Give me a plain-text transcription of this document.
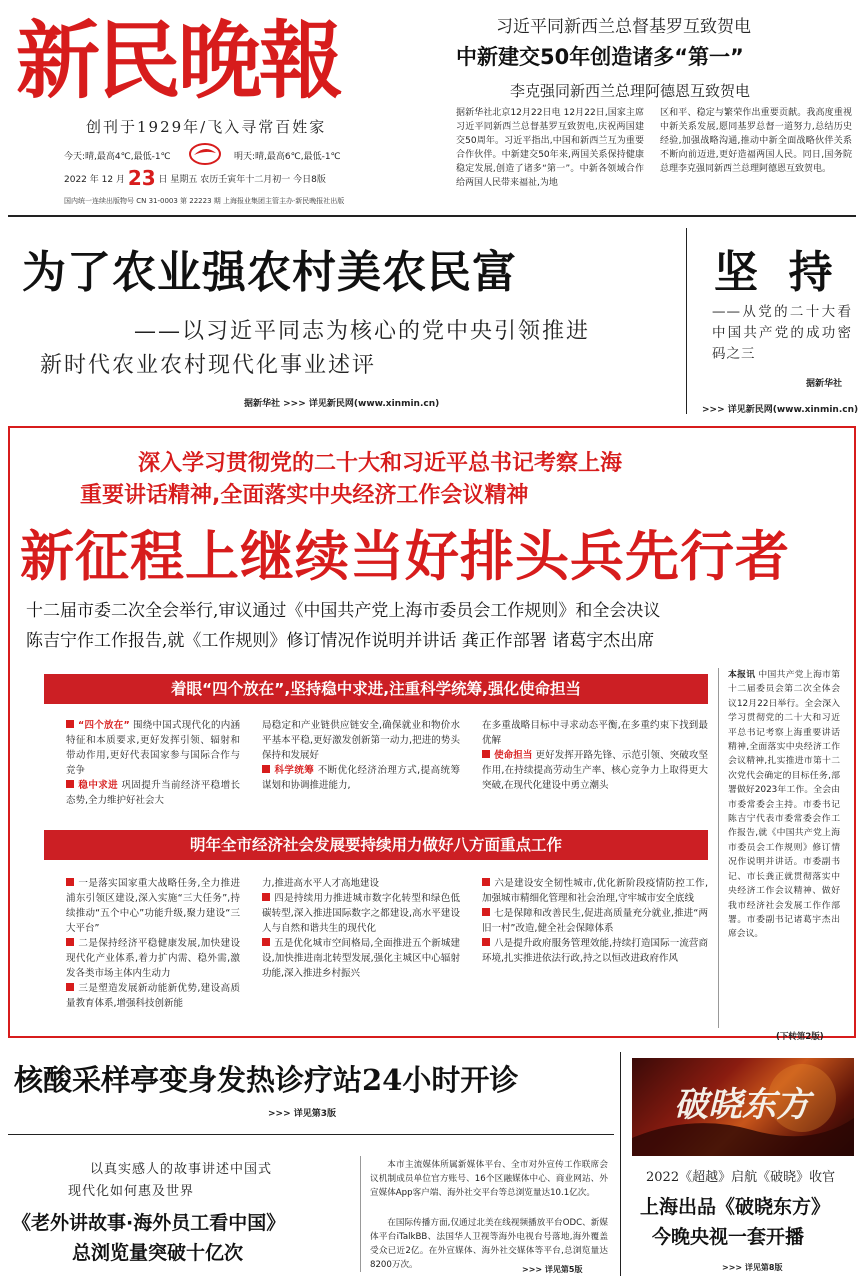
新民晚報
创刊于1929年/飞入寻常百姓家
今天:晴,最高4℃,最低-1℃	明天:晴,最高6℃,最低-1℃
2022 年 12 月 23 日 星期五 农历壬寅年十二月初一 今日8版
国内统一连续出版物号 CN 31-0003 第 22223 期 上海报业集团主管主办·新民晚报社出版
习近平同新西兰总督基罗互致贺电
中新建交50年创造诸多“第一”
李克强同新西兰总理阿德恩互致贺电

据新华社北京12月22日电 12月22日,国家主席习近平同新西兰总督基罗互致贺电,庆祝两国建交50周年。习近平指出,中国和新西兰互为重要合作伙伴。中新建交50年来,两国关系保持健康稳定发展,创造了诸多“第一”。中新各领域合作给两国人民带来福祉,为地

区和平、稳定与繁荣作出重要贡献。我高度重视中新关系发展,愿同基罗总督一道努力,总结历史经验,加强战略沟通,推动中新全面战略伙伴关系不断向前迈进,更好造福两国人民。同日,国务院总理李克强同新西兰总理阿德恩互致贺电。

为了农业强农村美农民富
——以习近平同志为核心的党中央引领推进
新时代农业农村现代化事业述评
据新华社 >>> 详见新民网(www.xinmin.cn)
坚  持

——从党的二十大看中国共产党的成功密码之三

据新华社
>>> 详见新民网(www.xinmin.cn)
深入学习贯彻党的二十大和习近平总书记考察上海
重要讲话精神,全面落实中央经济工作会议精神
新征程上继续当好排头兵先行者
十二届市委二次全会举行,审议通过《中国共产党上海市委员会工作规则》和全会决议
陈吉宁作工作报告,就《工作规则》修订情况作说明并讲话 龚正作部署 诸葛宇杰出席
着眼“四个放在”,坚持稳中求进,注重科学统筹,强化使命担当

“四个放在” 围绕中国式现代化的内涵特征和本质要求,更好发挥引领、辐射和带动作用,更好代表国家参与国际合作与竞争

稳中求进 巩固提升当前经济平稳增长态势,全力维护好社会大

局稳定和产业链供应链安全,确保就业和物价水平基本平稳,更好激发创新第一动力,把进的势头保持和发展好

科学统筹 不断优化经济治理方式,提高统筹谋划和协调推进能力,

在多重战略目标中寻求动态平衡,在多重约束下找到最优解

使命担当 更好发挥开路先锋、示范引领、突破攻坚作用,在持续提高劳动生产率、核心竞争力上取得更大突破,在现代化建设中勇立潮头

明年全市经济社会发展要持续用力做好八方面重点工作

一是落实国家重大战略任务,全力推进浦东引领区建设,深入实施“三大任务”,持续推动“五个中心”功能升级,聚力建设“三大平台”

二是保持经济平稳健康发展,加快建设现代化产业体系,着力扩内需、稳外需,激发各类市场主体内生动力

三是塑造发展新动能新优势,建设高质量教育体系,增强科技创新能

力,推进高水平人才高地建设

四是持续用力推进城市数字化转型和绿色低碳转型,深入推进国际数字之都建设,高水平建设人与自然和谐共生的现代化

五是优化城市空间格局,全面推进五个新城建设,加快推进南北转型发展,强化主城区中心辐射功能,深入推进乡村振兴

六是建设安全韧性城市,优化新阶段疫情防控工作,加强城市精细化管理和社会治理,守牢城市安全底线

七是保障和改善民生,促进高质量充分就业,推进“两旧一村”改造,健全社会保障体系

八是提升政府服务管理效能,持续打造国际一流营商环境,扎实推进依法行政,持之以恒改进政府作风

本报讯 中国共产党上海市第十二届委员会第二次全体会议12月22日举行。全会深入学习贯彻党的二十大和习近平总书记考察上海重要讲话精神,全面落实中央经济工作会议精神,扎实推进市第十二次党代会确定的目标任务,部署做好2023年工作。全会由市委常委会主持。市委书记陈吉宁代表市委常委会作工作报告,就《中国共产党上海市委员会工作规则》修订情况作说明并讲话。市委副书记、市长龚正就贯彻落实中央经济工作会议精神、做好我市经济社会发展工作作部署。市委副书记诸葛宇杰出席会议。

(下转第2版)
核酸采样亭变身发热诊疗站24小时开诊
>>> 详见第3版
以真实感人的故事讲述中国式
现代化如何惠及世界
《老外讲故事·海外员工看中国》
总浏览量突破十亿次

本市主流媒体所属新媒体平台、全市对外宣传工作联席会议机制成员单位官方账号、16个区融媒体中心、商业网站、外宣媒体App客户端、海外社交平台等总浏览量达10.1亿次。

在国际传播方面,仅通过北美在线视频播放平台ODC、新媒体平台iTalkBB、法国华人卫视等海外电视台号落地,海外覆盖受众已近2亿。在外宣媒体、海外社交媒体等平台,总浏览量达8200万次。	>>> 详见第5版
破晓东方
2022《超越》启航《破晓》收官
上海出品《破晓东方》
今晚央视一套开播
>>> 详见第8版
